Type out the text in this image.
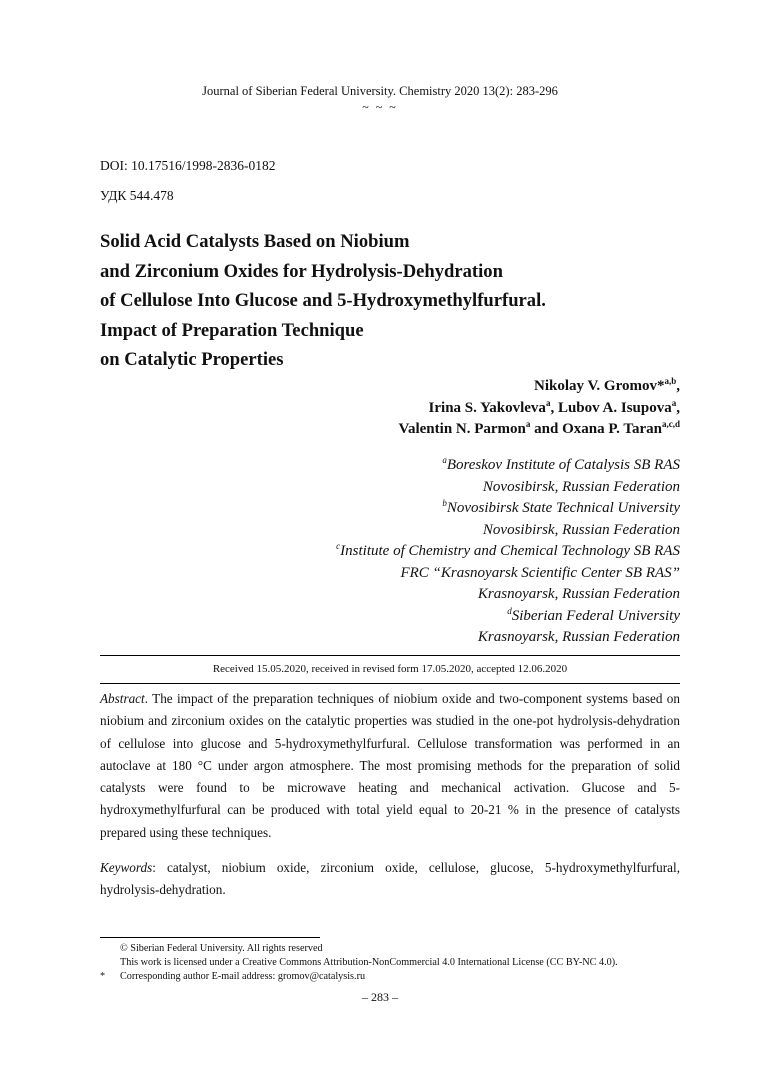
Journal of Siberian Federal University. Chemistry 2020 13(2): 283-296
~ ~ ~
DOI: 10.17516/1998-2836-0182
УДК 544.478
Solid Acid Catalysts Based on Niobium
and Zirconium Oxides for Hydrolysis-Dehydration
of Cellulose Into Glucose and 5-Hydroxymethylfurfural.
Impact of Preparation Technique
on Catalytic Properties
Nikolay V. Gromov*$^{a,b}$,
Irina S. Yakovleva$^a$, Lubov A. Isupova$^a$,
Valentin N. Parmon$^a$ and Oxana P. Taran$^{a,c,d}$
$^a$Boreskov Institute of Catalysis SB RAS
Novosibirsk, Russian Federation
$^b$Novosibirsk State Technical University
Novosibirsk, Russian Federation
$^c$Institute of Chemistry and Chemical Technology SB RAS
FRC “Krasnoyarsk Scientific Center SB RAS”
Krasnoyarsk, Russian Federation
$^d$Siberian Federal University
Krasnoyarsk, Russian Federation
Received 15.05.2020, received in revised form 17.05.2020, accepted 12.06.2020
Abstract. The impact of the preparation techniques of niobium oxide and two-component systems based on niobium and zirconium oxides on the catalytic properties was studied in the one-pot hydrolysis-dehydration of cellulose into glucose and 5-hydroxymethylfurfural. Cellulose transformation was performed in an autoclave at 180 °C under argon atmosphere. The most promising methods for the preparation of solid catalysts were found to be microwave heating and mechanical activation. Glucose and 5-hydroxymethylfurfural can be produced with total yield equal to 20-21 % in the presence of catalysts prepared using these techniques.
Keywords: catalyst, niobium oxide, zirconium oxide, cellulose, glucose, 5-hydroxymethylfurfural, hydrolysis-dehydration.
© Siberian Federal University. All rights reserved
This work is licensed under a Creative Commons Attribution-NonCommercial 4.0 International License (CC BY-NC 4.0).
* Corresponding author E-mail address: gromov@catalysis.ru
– 283 –
